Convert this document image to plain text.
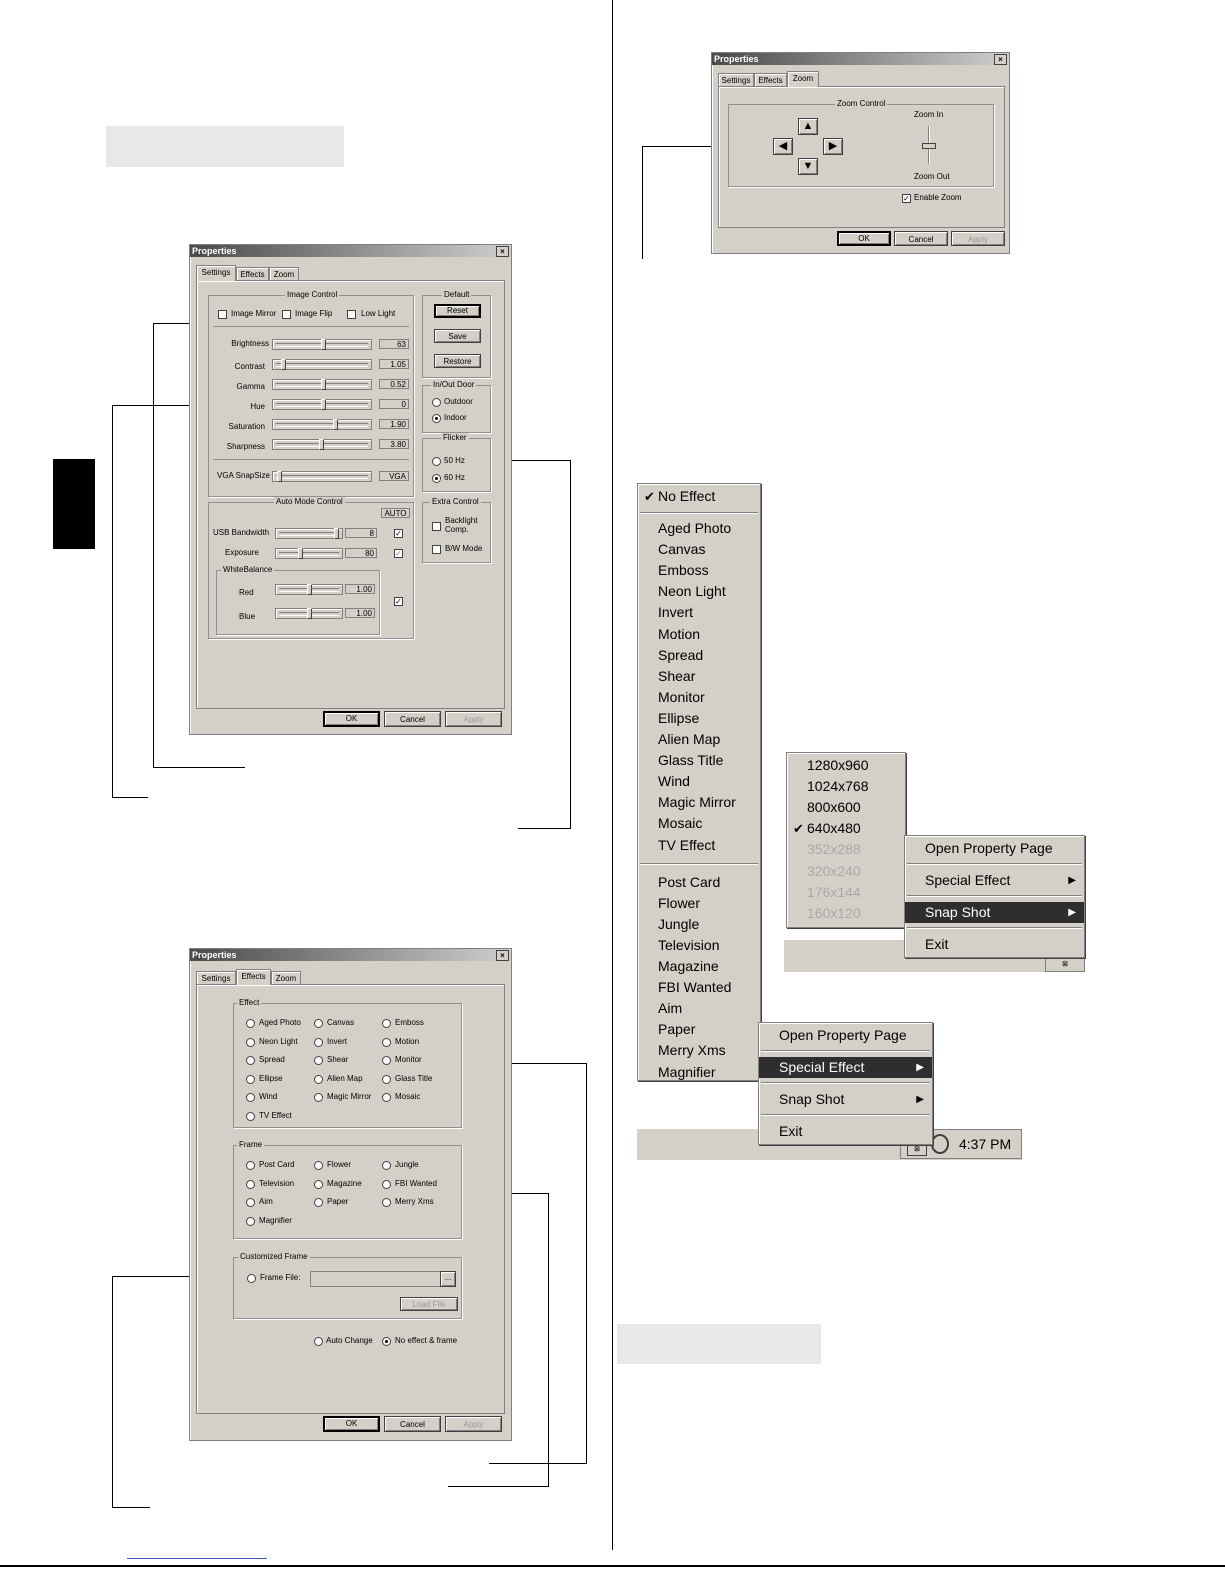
Properties	×
Settings	Effects	Zoom
Image Control
Image Mirror Image Flip	Low Light
Brightness	63
Contrast	1.05
Gamma	0.52
Hue	0
Saturation	1.90
Sharpness	3.80
VGA SnapSize	VGA
Default
Reset
Save
Restore
In/Out Door
Outdoor
Indoor
Flicker
50 Hz
60 Hz
Auto Mode Control
AUTO
USB Bandwidth	8	✓
Exposure	80	✓
WhiteBalance
Red	1.00
Blue	1.00
✓
Extra Control
Backlight
Comp.
B/W Mode
OK	Cancel	Apply
Properties	×
Settings	Effects	Zoom
Aged Photo	Canvas	Emboss
Neon Light	Invert	Motion
Spread	Shear	Monitor
Ellipse	Alien Map	Glass Title
Wind	Magic Mirror	Mosaic
TV Effect
Effect
Post Card	Flower	Jungle
Television	Magazine	FBI Wanted
Aim	Paper	Merry Xms
Magnifier
Frame
Customized Frame
Frame File:	...
Load File
Auto Change	No effect & frame
OK	Cancel	Apply
Properties	×
Settings Effects	Zoom
Zoom Control
▲
◀	▶
▼
Zoom In
Zoom Out
✓ Enable Zoom
OK	Cancel	Apply
✔ No Effect
Aged Photo
Canvas
Emboss
Neon Light
Invert
Motion
Spread
Shear
Monitor
Ellipse
Alien Map
Glass Title
Wind
Magic Mirror
Mosaic
TV Effect
Post Card
Flower
Jungle
Television
Magazine
FBI Wanted
Aim
Paper
Merry Xms
Magnifier
⊠	4:37 PM
Open Property Page
Special Effect	▶
Snap Shot	▶
Exit
⊠
1280x960
1024x768
800x600
✔ 640x480
352x288
320x240
176x144
160x120
Open Property Page
Special Effect	▶
Snap Shot	▶
Exit
